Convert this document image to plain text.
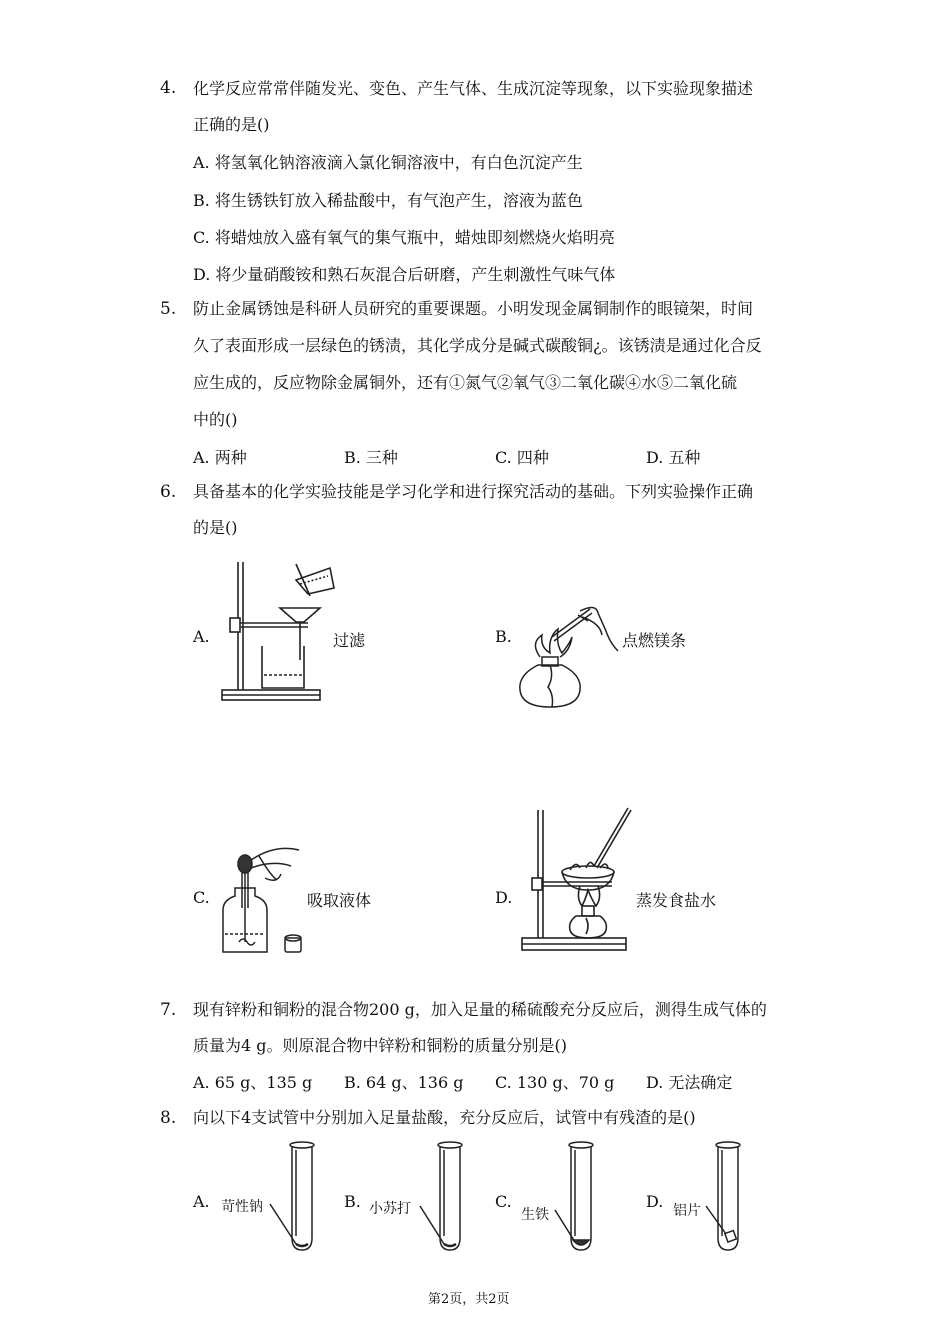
4. 化学反应常常伴随发光、变色、产生气体、生成沉淀等现象，以下实验现象描述
正确的是()
A. 将氢氧化钠溶液滴入氯化铜溶液中，有白色沉淀产生
B. 将生锈铁钉放入稀盐酸中，有气泡产生，溶液为蓝色
C. 将蜡烛放入盛有氧气的集气瓶中，蜡烛即刻燃烧火焰明亮
D. 将少量硝酸铵和熟石灰混合后研磨，产生刺激性气味气体
5. 防止金属锈蚀是科研人员研究的重要课题。小明发现金属铜制作的眼镜架，时间
久了表面形成一层绿色的锈渍，其化学成分是碱式碳酸铜¿。该锈渍是通过化合反
应生成的，反应物除金属铜外，还有①氮气②氧气③二氧化碳④水⑤二氧化硫
中的()
A. 两种	B. 三种	C. 四种	D. 五种
6. 具备基本的化学实验技能是学习化学和进行探究活动的基础。下列实验操作正确
的是()
A.	过滤	B.	点燃镁条
C.	吸取液体	D.	蒸发食盐水
7. 现有锌粉和铜粉的混合物200 g，加入足量的稀硫酸充分反应后，测得生成气体的
质量为4 g。则原混合物中锌粉和铜粉的质量分别是()
A. 65 g、135 g B. 64 g、136 g C. 130 g、70 g D. 无法确定
8. 向以下4支试管中分别加入足量盐酸，充分反应后，试管中有残渣的是()
A. 苛性钠	B. 小苏打	C.
生铁
D. 铝片
第2页，共2页
